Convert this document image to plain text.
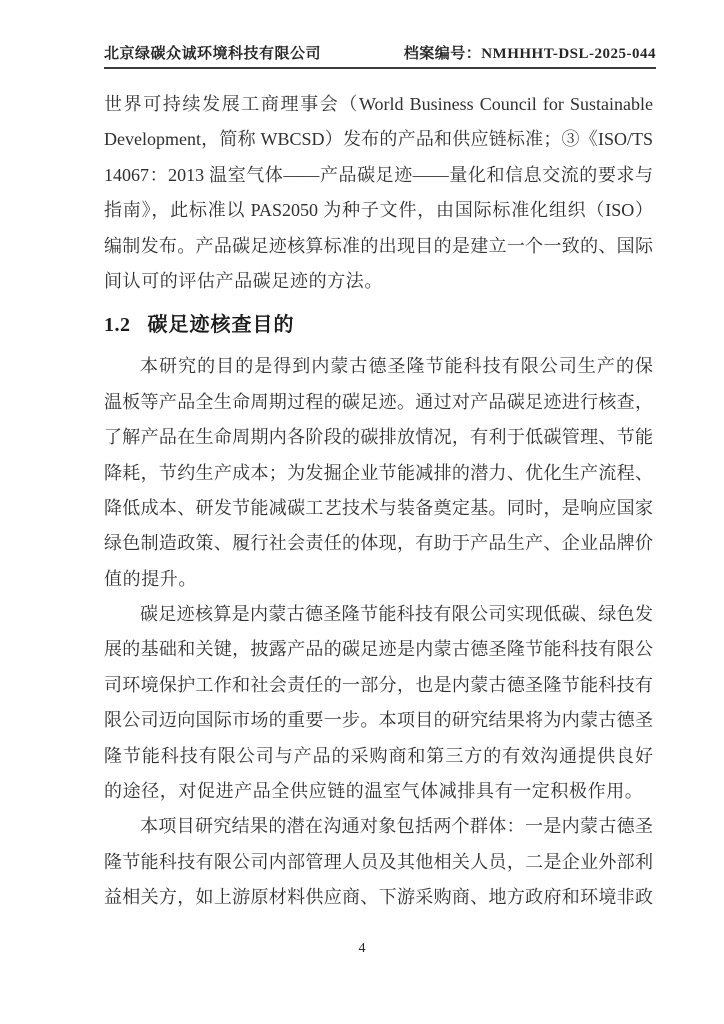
北京绿碳众诚环境科技有限公司	档案编号：NMHHHT-DSL-2025-044
世界可持续发展工商理事会（World Business Council for Sustainable
Development，简称 WBCSD）发布的产品和供应链标准；③《ISO/TS
14067：2013 温室气体——产品碳足迹——量化和信息交流的要求与
指南》，此标准以 PAS2050 为种子文件，由国际标准化组织（ISO）
编制发布。产品碳足迹核算标准的出现目的是建立一个一致的、国际
间认可的评估产品碳足迹的方法。
1.2 碳足迹核查目的
本研究的目的是得到内蒙古德圣隆节能科技有限公司生产的保
温板等产品全生命周期过程的碳足迹。通过对产品碳足迹进行核查，
了解产品在生命周期内各阶段的碳排放情况，有利于低碳管理、节能
降耗，节约生产成本；为发掘企业节能减排的潜力、优化生产流程、
降低成本、研发节能减碳工艺技术与装备奠定基。同时，是响应国家
绿色制造政策、履行社会责任的体现，有助于产品生产、企业品牌价
值的提升。
碳足迹核算是内蒙古德圣隆节能科技有限公司实现低碳、绿色发
展的基础和关键，披露产品的碳足迹是内蒙古德圣隆节能科技有限公
司环境保护工作和社会责任的一部分，也是内蒙古德圣隆节能科技有
限公司迈向国际市场的重要一步。本项目的研究结果将为内蒙古德圣
隆节能科技有限公司与产品的采购商和第三方的有效沟通提供良好
的途径，对促进产品全供应链的温室气体减排具有一定积极作用。
本项目研究结果的潜在沟通对象包括两个群体：一是内蒙古德圣
隆节能科技有限公司内部管理人员及其他相关人员，二是企业外部利
益相关方，如上游原材料供应商、下游采购商、地方政府和环境非政
4
